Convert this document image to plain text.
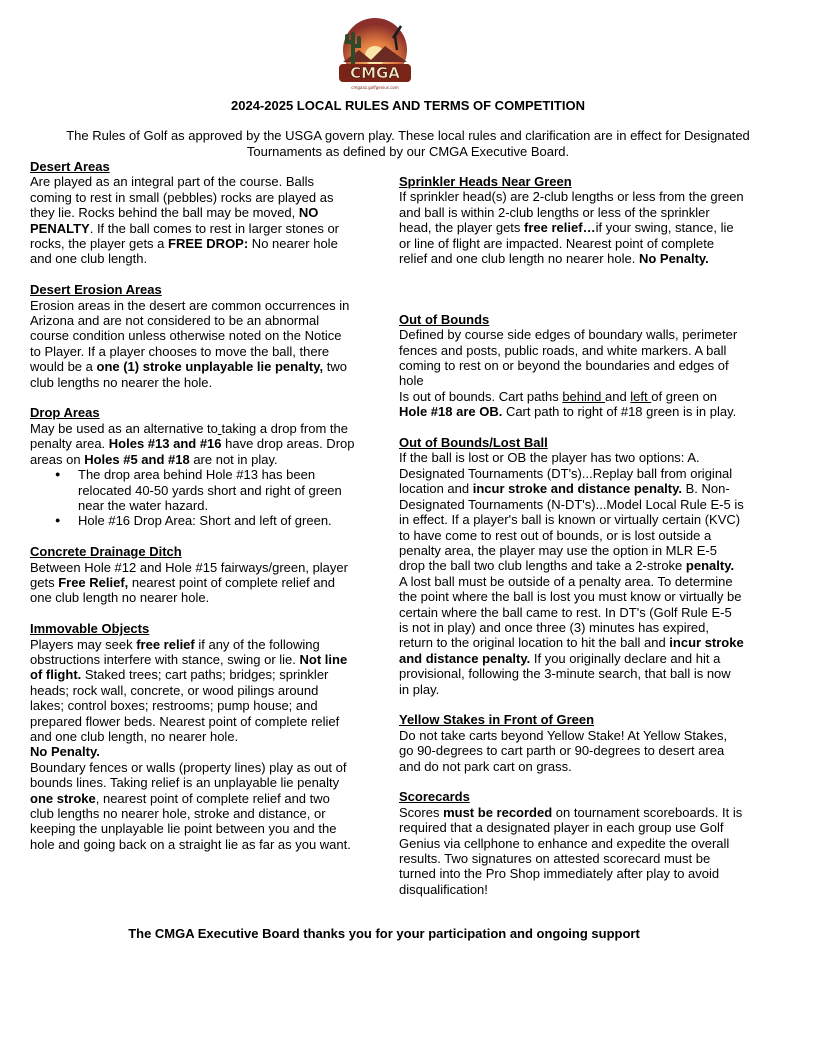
CMGA
cmgaaz.golfgenius.com
2024-2025 LOCAL RULES AND TERMS OF COMPETITION
The Rules of Golf as approved by the USGA govern play. These local rules and clarification are in effect for Designated Tournaments as defined by our CMGA Executive Board.
Desert Areas

Are played as an integral part of the course. Balls coming to rest in small (pebbles) rocks are played as they lie. Rocks behind the ball may be moved, NO PENALTY. If the ball comes to rest in larger stones or rocks, the player gets a FREE DROP: No nearer hole and one club length.

Desert Erosion Areas

Erosion areas in the desert are common occurrences in Arizona and are not considered to be an abnormal course condition unless otherwise noted on the Notice to Player. If a player chooses to move the ball, there would be a one (1) stroke unplayable lie penalty, two club lengths no nearer the hole.

Drop Areas

May be used as an alternative to taking a drop from the penalty area. Holes #13 and #16 have drop areas. Drop areas on Holes #5 and #18 are not in play.

● The drop area behind Hole #13 has been relocated 40-50 yards short and right of green near the water hazard.
● Hole #16 Drop Area: Short and left of green.
Concrete Drainage Ditch

Between Hole #12 and Hole #15 fairways/green, player gets Free Relief, nearest point of complete relief and one club length no nearer hole.

Immovable Objects

Players may seek free relief if any of the following obstructions interfere with stance, swing or lie. Not line of flight. Staked trees; cart paths; bridges; sprinkler heads; rock wall, concrete, or wood pilings around lakes; control boxes; restrooms; pump house; and prepared flower beds. Nearest point of complete relief and one club length, no nearer hole.

No Penalty.

Boundary fences or walls (property lines) play as out of bounds lines. Taking relief is an unplayable lie penalty one stroke, nearest point of complete relief and two club lengths no nearer hole, stroke and distance, or keeping the unplayable lie point between you and the hole and going back on a straight lie as far as you want.

Sprinkler Heads Near Green

If sprinkler head(s) are 2-club lengths or less from the green and ball is within 2-club lengths or less of the sprinkler head, the player gets free relief…if your swing, stance, lie or line of flight are impacted. Nearest point of complete relief and one club length no nearer hole. No Penalty.

Out of Bounds

Defined by course side edges of boundary walls, perimeter fences and posts, public roads, and white markers. A ball coming to rest on or beyond the boundaries and edges of hole

Is out of bounds. Cart paths behind and left of green on Hole #18 are OB. Cart path to right of #18 green is in play.

Out of Bounds/Lost Ball

If the ball is lost or OB the player has two options: A. Designated Tournaments (DT's)...Replay ball from original location and incur stroke and distance penalty. B. Non-Designated Tournaments (N-DT's)...Model Local Rule E-5 is in effect. If a player's ball is known or virtually certain (KVC) to have come to rest out of bounds, or is lost outside a penalty area, the player may use the option in MLR E-5 drop the ball two club lengths and take a 2-stroke penalty. A lost ball must be outside of a penalty area. To determine the point where the ball is lost you must know or virtually be certain where the ball came to rest. In DT's (Golf Rule E-5 is not in play) and once three (3) minutes has expired, return to the original location to hit the ball and incur stroke and distance penalty. If you originally declare and hit a provisional, following the 3-minute search, that ball is now in play.

Yellow Stakes in Front of Green

Do not take carts beyond Yellow Stake! At Yellow Stakes, go 90-degrees to cart parth or 90-degrees to desert area and do not park cart on grass.

Scorecards

Scores must be recorded on tournament scoreboards. It is required that a designated player in each group use Golf Genius via cellphone to enhance and expedite the overall results. Two signatures on attested scorecard must be turned into the Pro Shop immediately after play to avoid disqualification!

The CMGA Executive Board thanks you for your participation and ongoing support
